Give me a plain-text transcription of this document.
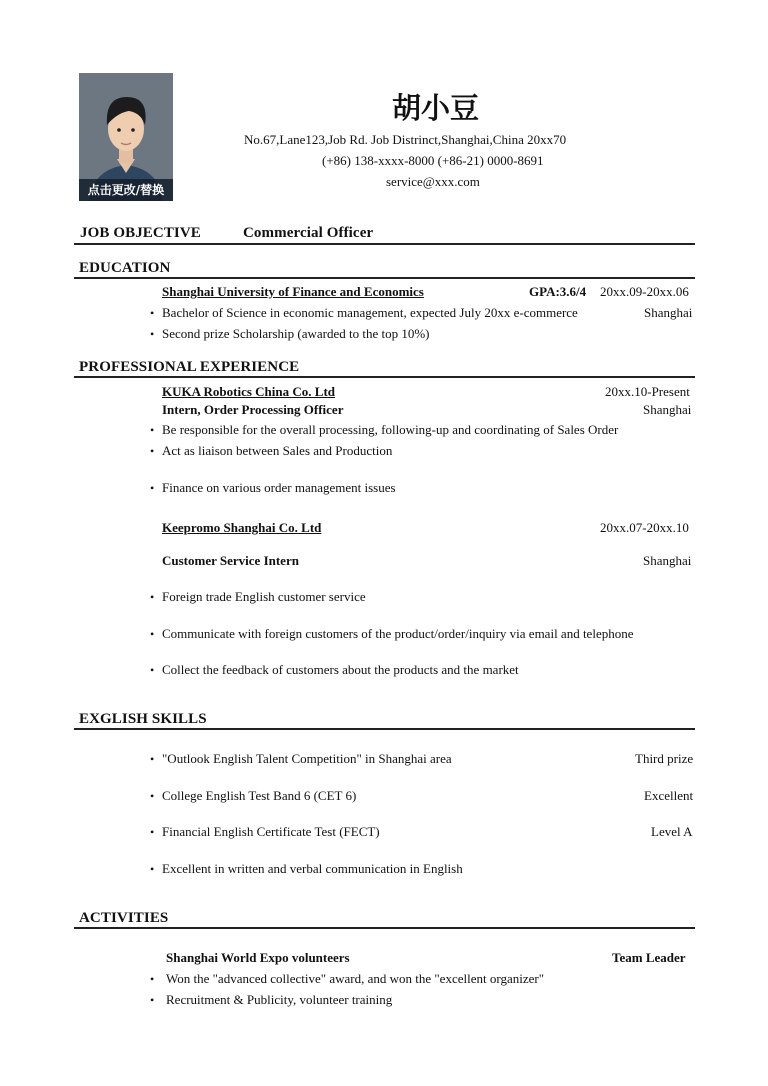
点击更改/替换
胡小豆
No.67,Lane123,Job Rd. Job Distrinct,Shanghai,China 20xx70
(+86) 138-xxxx-8000 (+86-21) 0000-8691
service@xxx.com
JOB OBJECTIVE	Commercial Officer
EDUCATION
Shanghai University of Finance and Economics	GPA:3.6/4 20xx.09-20xx.06
• Bachelor of Science in economic management, expected July 20xx e-commerce	Shanghai
• Second prize Scholarship (awarded to the top 10%)
PROFESSIONAL EXPERIENCE
KUKA Robotics China Co. Ltd	20xx.10-Present
Intern, Order Processing Officer	Shanghai
• Be responsible for the overall processing, following-up and coordinating of Sales Order
• Act as liaison between Sales and Production
• Finance on various order management issues
Keepromo Shanghai Co. Ltd	20xx.07-20xx.10
Customer Service Intern	Shanghai
• Foreign trade English customer service
• Communicate with foreign customers of the product/order/inquiry via email and telephone
• Collect the feedback of customers about the products and the market
EXGLISH SKILLS
• "Outlook English Talent Competition" in Shanghai area	Third prize
• College English Test Band 6 (CET 6)	Excellent
• Financial English Certificate Test (FECT)	Level A
• Excellent in written and verbal communication in English
ACTIVITIES
Shanghai World Expo volunteers	Team Leader
• Won the "advanced collective" award, and won the "excellent organizer"
• Recruitment & Publicity, volunteer training
